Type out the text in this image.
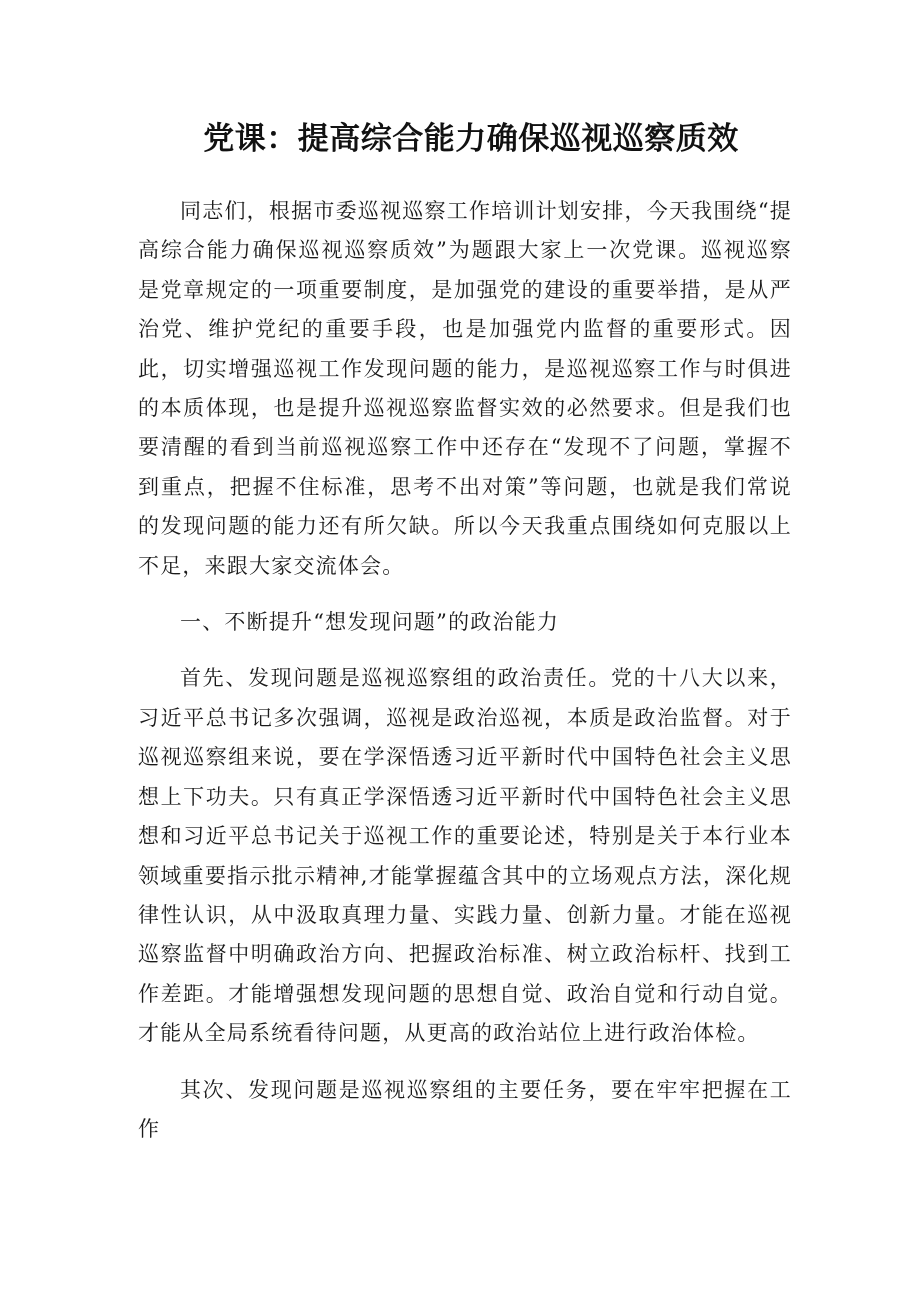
党课：提高综合能力确保巡视巡察质效

同志们，根据市委巡视巡察工作培训计划安排，今天我围绕“提高综合能力确保巡视巡察质效”为题跟大家上一次党课。巡视巡察是党章规定的一项重要制度，是加强党的建设的重要举措，是从严治党、维护党纪的重要手段，也是加强党内监督的重要形式。因此，切实增强巡视工作发现问题的能力，是巡视巡察工作与时俱进的本质体现，也是提升巡视巡察监督实效的必然要求。但是我们也要清醒的看到当前巡视巡察工作中还存在“发现不了问题，掌握不到重点，把握不住标准，思考不出对策”等问题，也就是我们常说的发现问题的能力还有所欠缺。所以今天我重点围绕如何克服以上不足，来跟大家交流体会。

一、不断提升“想发现问题”的政治能力

首先、发现问题是巡视巡察组的政治责任。党的十八大以来，习近平总书记多次强调，巡视是政治巡视，本质是政治监督。对于巡视巡察组来说，要在学深悟透习近平新时代中国特色社会主义思想上下功夫。只有真正学深悟透习近平新时代中国特色社会主义思想和习近平总书记关于巡视工作的重要论述，特别是关于本行业本领域重要指示批示精神,才能掌握蕴含其中的立场观点方法，深化规律性认识，从中汲取真理力量、实践力量、创新力量。才能在巡视巡察监督中明确政治方向、把握政治标准、树立政治标杆、找到工作差距。才能增强想发现问题的思想自觉、政治自觉和行动自觉。才能从全局系统看待问题，从更高的政治站位上进行政治体检。

其次、发现问题是巡视巡察组的主要任务，要在牢牢把握在工作
